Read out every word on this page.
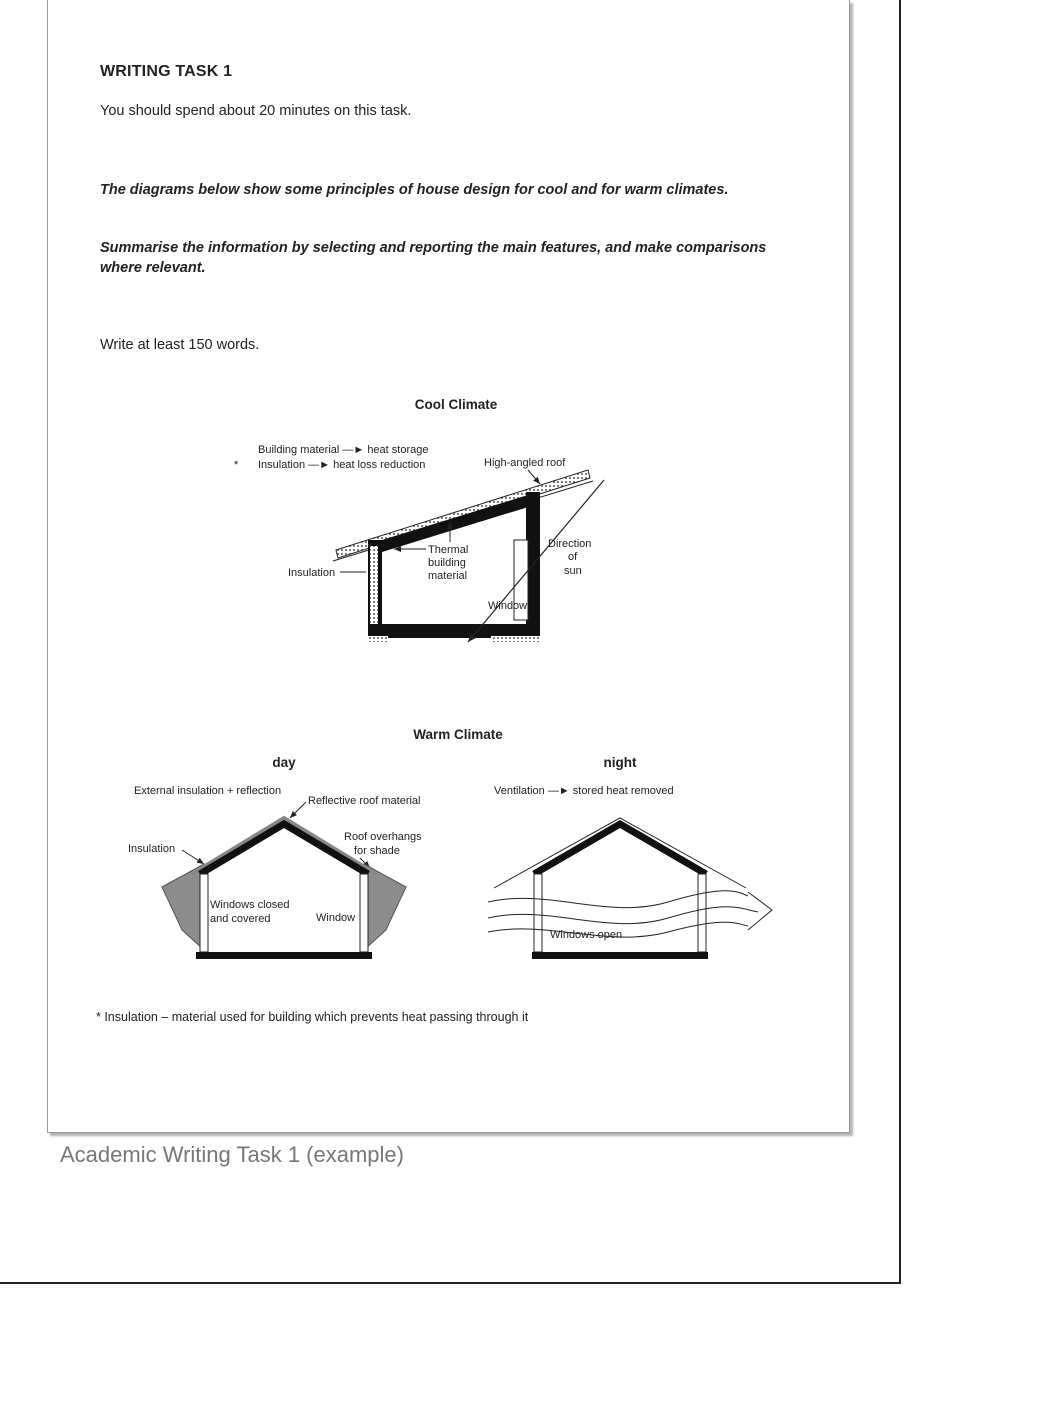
WRITING TASK 1

You should spend about 20 minutes on this task.

The diagrams below show some principles of house design for cool and for warm climates.

Summarise the information by selecting and reporting the main features, and make comparisons where relevant.

Write at least 150 words.

Cool Climate
*
Building material —► heat storage
Insulation —► heat loss reduction	High-angled roof
Thermal
building
material
Insulation
Direction
of
sun
Window
Warm Climate
day
External insulation + reflection
Reflective roof material
Roof overhangs
for shade
Insulation
Windows closed
and covered	Window
night
Ventilation —► stored heat removed
Windows open

* Insulation – material used for building which prevents heat passing through it

Academic Writing Task 1 (example)
